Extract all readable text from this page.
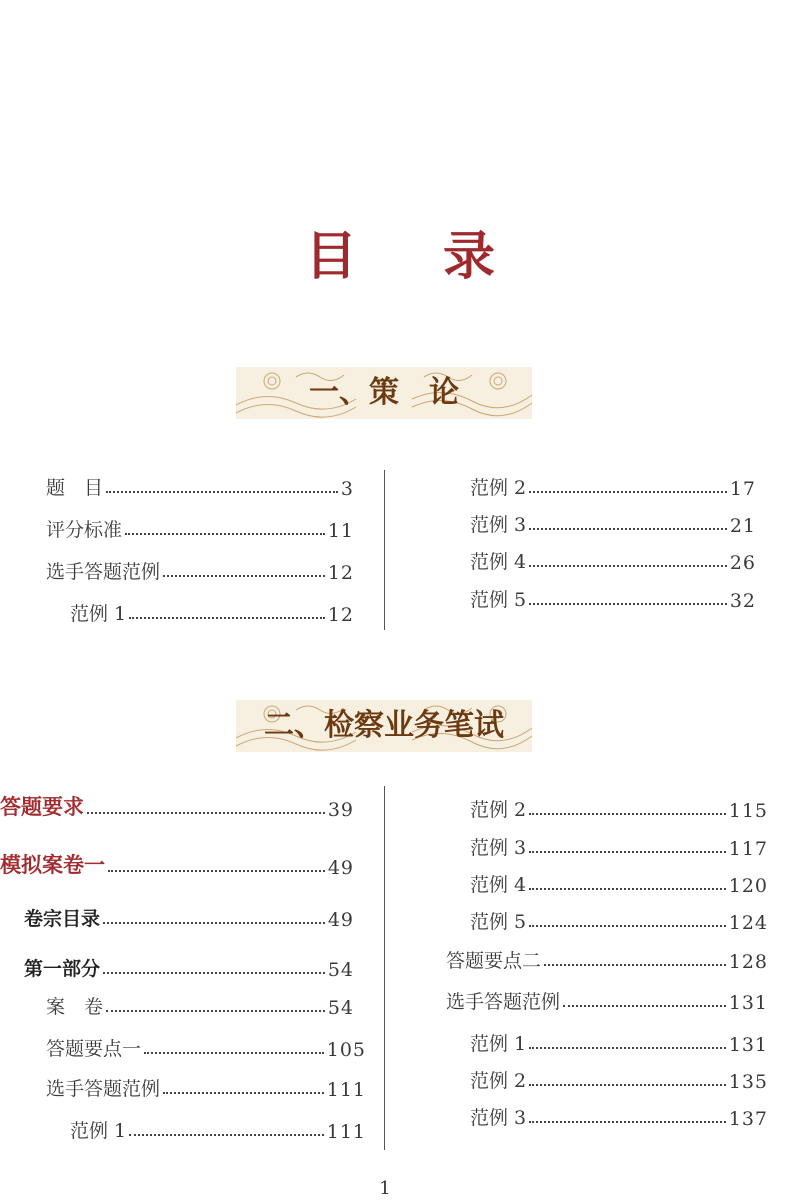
目 录
一、策　论
题　目	3
评分标准	11
选手答题范例	12
范例 1	12
范例 2	17
范例 3	21
范例 4	26
范例 5	32
二、检察业务笔试
答题要求	39
模拟案卷一	49
卷宗目录	49
第一部分	54
案　卷	54
答题要点一	105
选手答题范例	111
范例 1	111
范例 2	115
范例 3	117
范例 4	120
范例 5	124
答题要点二	128
选手答题范例	131
范例 1	131
范例 2	135
范例 3	137
1
